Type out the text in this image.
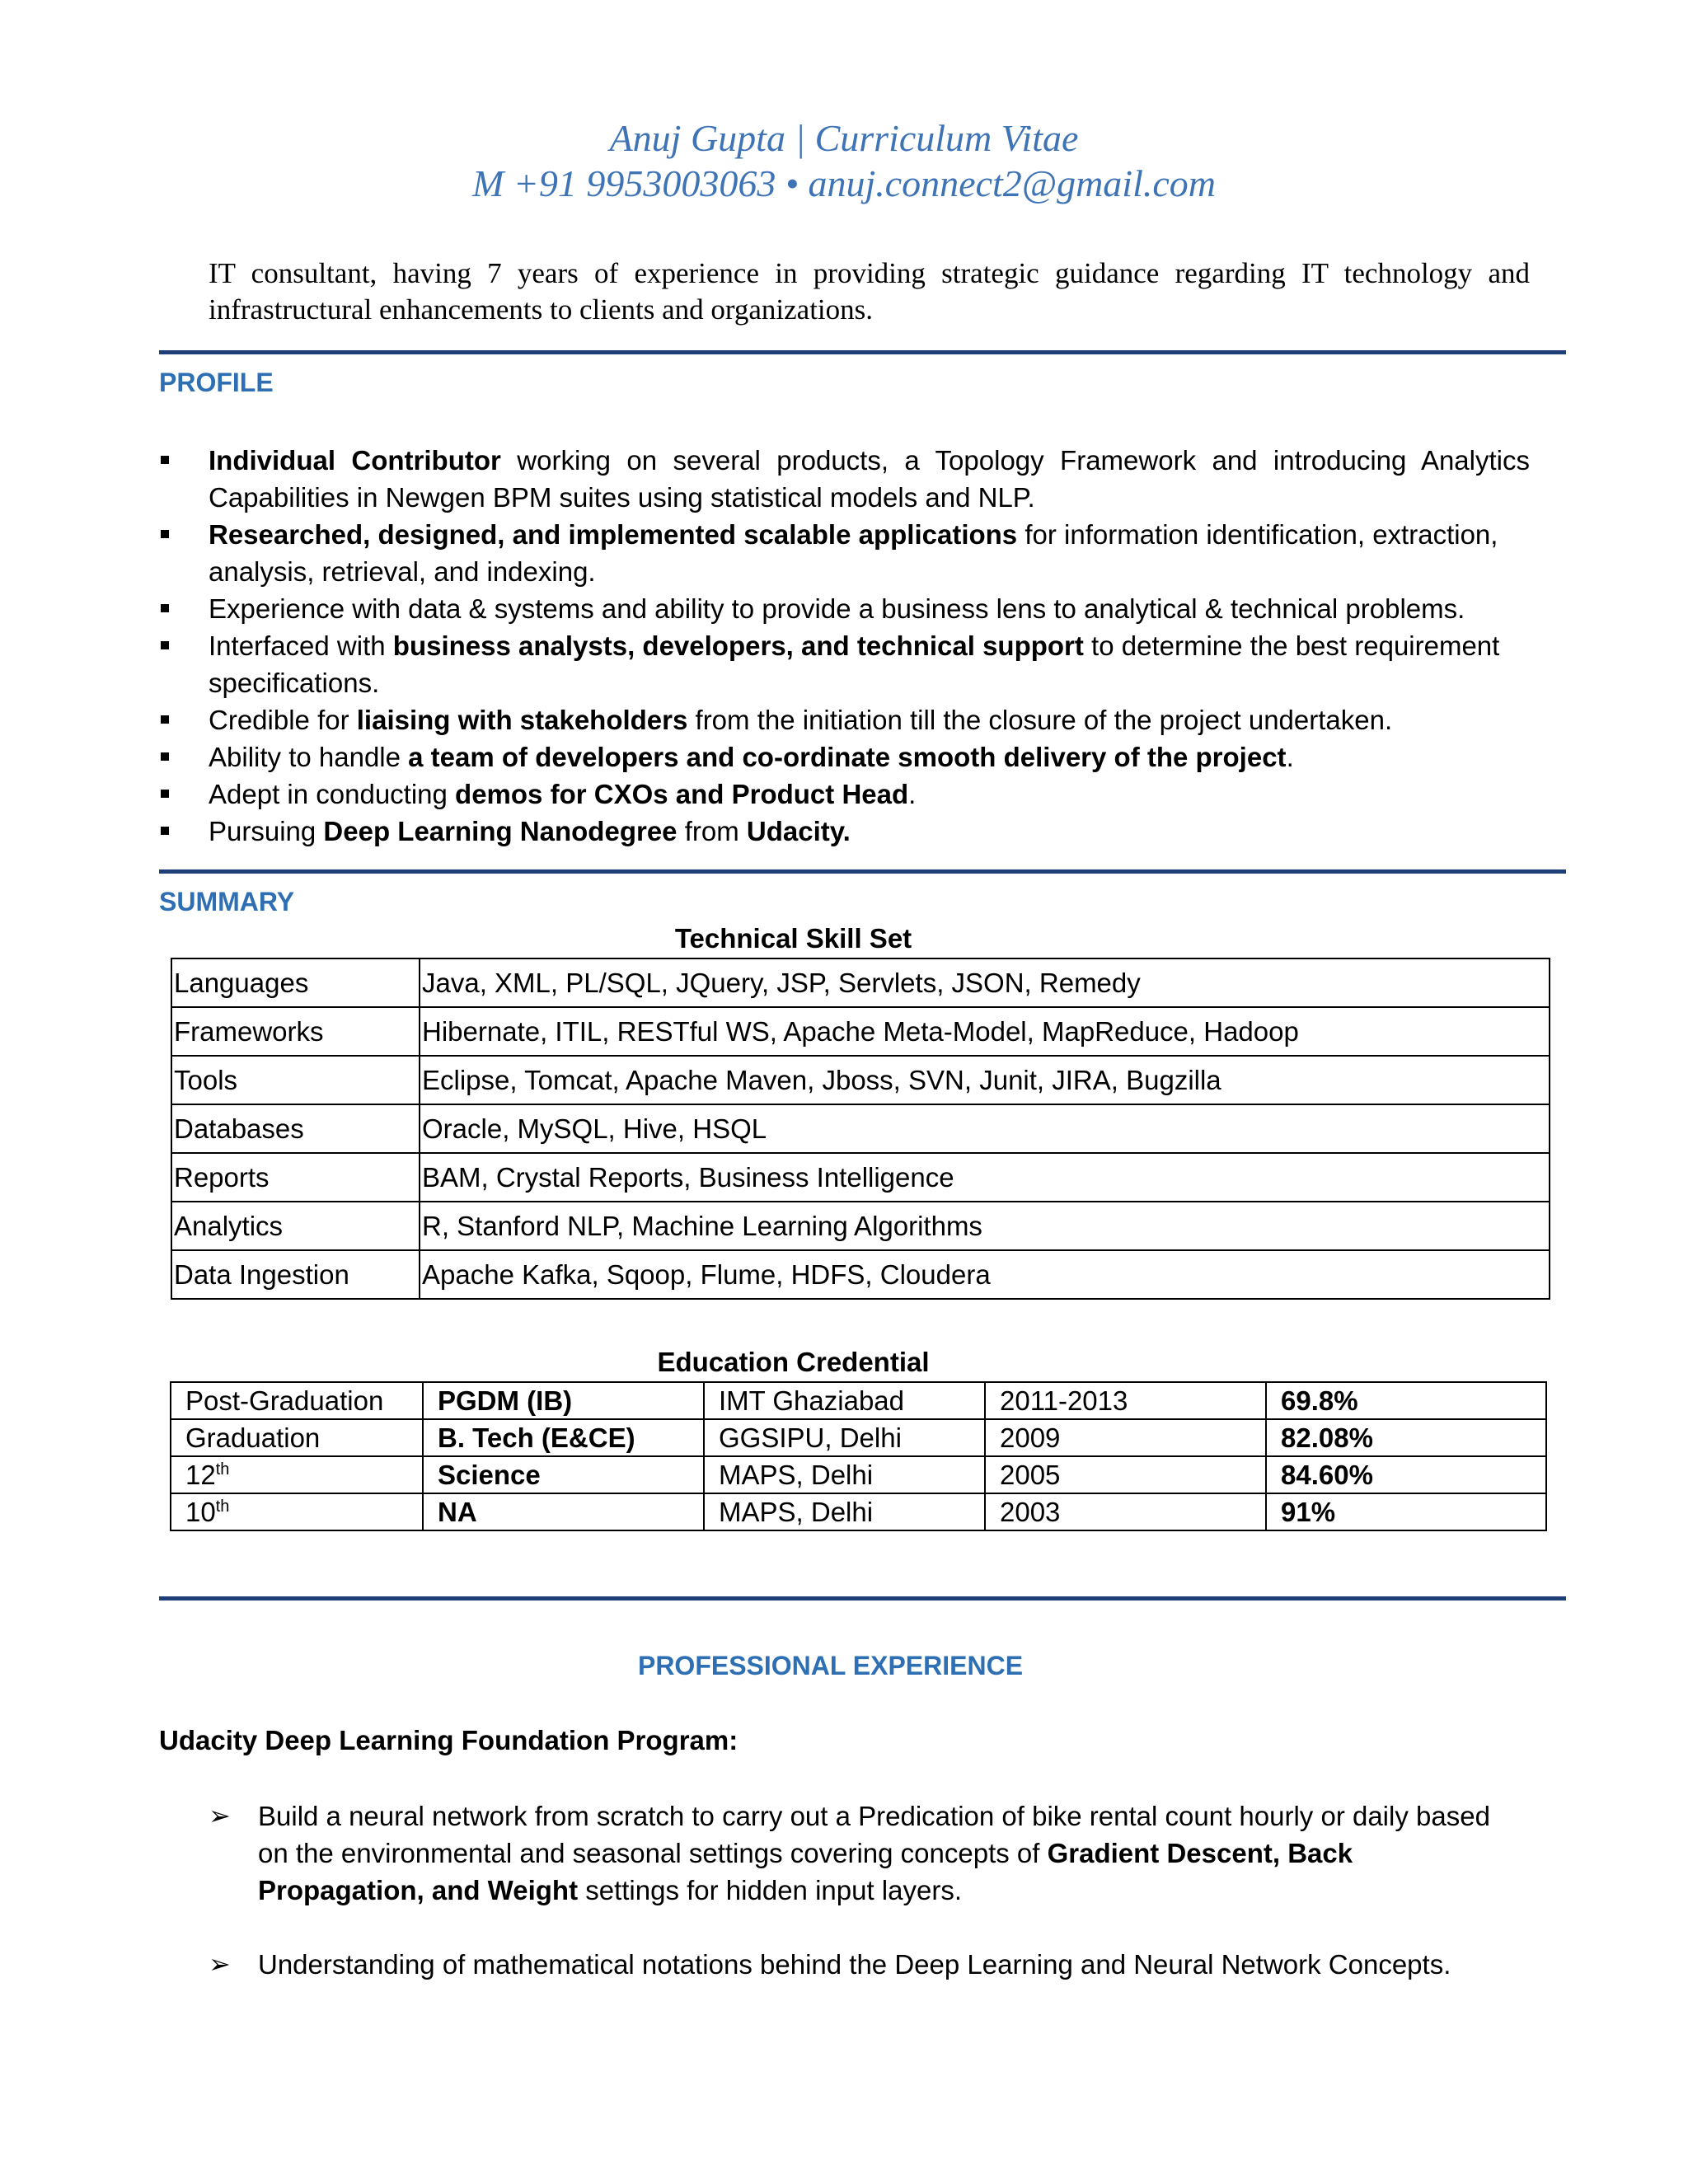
Anuj Gupta | Curriculum Vitae
M +91 9953003063 • anuj.connect2@gmail.com
IT consultant, having 7 years of experience in providing strategic guidance regarding IT technology and infrastructural enhancements to clients and organizations.
PROFILE
Individual Contributor working on several products, a Topology Framework and introducing Analytics Capabilities in Newgen BPM suites using statistical models and NLP.
Researched, designed, and implemented scalable applications for information identification, extraction, analysis, retrieval, and indexing.
Experience with data & systems and ability to provide a business lens to analytical & technical problems.
Interfaced with business analysts, developers, and technical support to determine the best requirement specifications.
Credible for liaising with stakeholders from the initiation till the closure of the project undertaken.
Ability to handle a team of developers and co-ordinate smooth delivery of the project.
Adept in conducting demos for CXOs and Product Head.
Pursuing Deep Learning Nanodegree from Udacity.
SUMMARY
Technical Skill Set
Languages	Java, XML, PL/SQL, JQuery, JSP, Servlets, JSON, Remedy
Frameworks	Hibernate, ITIL, RESTful WS, Apache Meta-Model, MapReduce, Hadoop
Tools	Eclipse, Tomcat, Apache Maven, Jboss, SVN, Junit, JIRA, Bugzilla
Databases	Oracle, MySQL, Hive, HSQL
Reports	BAM, Crystal Reports, Business Intelligence
Analytics	R, Stanford NLP, Machine Learning Algorithms
Data Ingestion	Apache Kafka, Sqoop, Flume, HDFS, Cloudera
Education Credential
Post-Graduation	PGDM (IB)	IMT Ghaziabad	2011-2013	69.8%
Graduation	B. Tech (E&CE)	GGSIPU, Delhi	2009	82.08%
12th	Science	MAPS, Delhi	2005	84.60%
10th	NA	MAPS, Delhi	2003	91%
PROFESSIONAL EXPERIENCE
Udacity Deep Learning Foundation Program:
➢ Build a neural network from scratch to carry out a Predication of bike rental count hourly or daily based on the environmental and seasonal settings covering concepts of Gradient Descent, Back Propagation, and Weight settings for hidden input layers.
➢ Understanding of mathematical notations behind the Deep Learning and Neural Network Concepts.
